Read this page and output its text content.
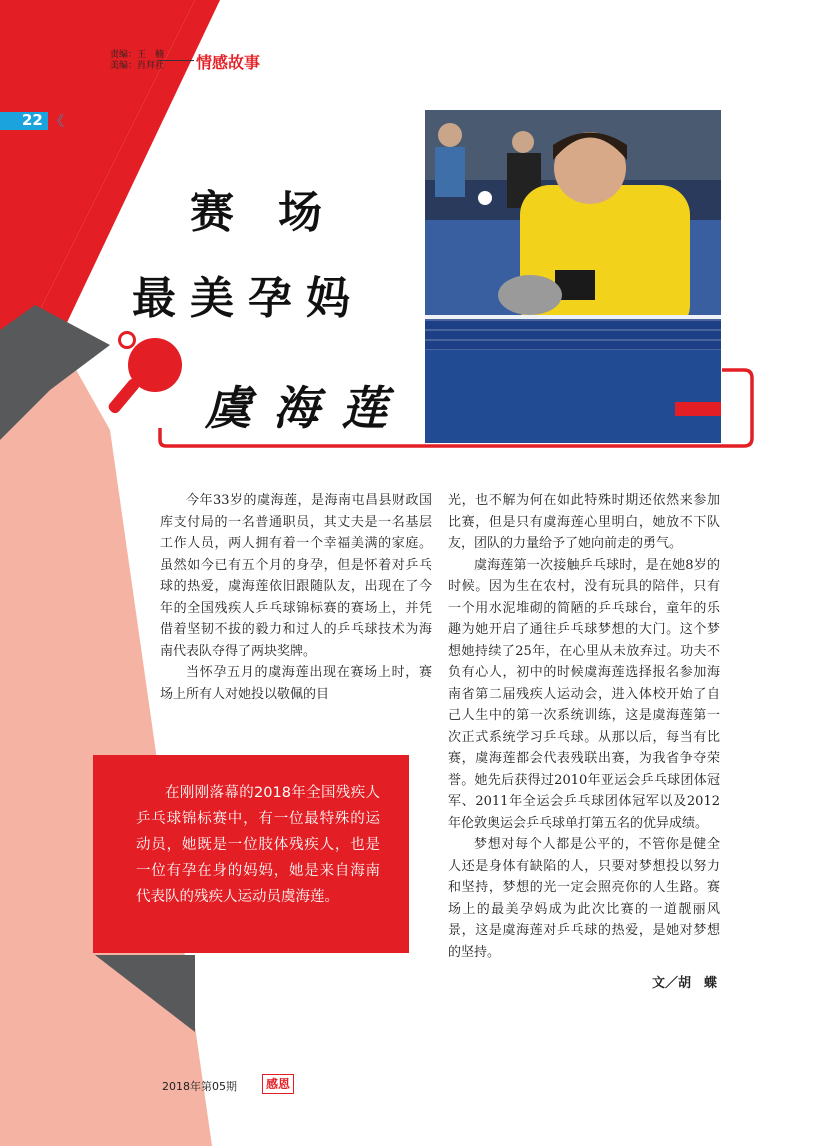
责编：王　楠
美编：肖拜社 情感故事
22 《
赛　场
最美孕妈
虞海莲

今年33岁的虞海莲，是海南屯昌县财政国库支付局的一名普通职员，其丈夫是一名基层工作人员，两人拥有着一个幸福美满的家庭。虽然如今已有五个月的身孕，但是怀着对乒乓球的热爱，虞海莲依旧跟随队友，出现在了今年的全国残疾人乒乓球锦标赛的赛场上，并凭借着坚韧不拔的毅力和过人的乒乓球技术为海南代表队夺得了两块奖牌。

当怀孕五月的虞海莲出现在赛场上时，赛场上所有人对她投以敬佩的目

光，也不解为何在如此特殊时期还依然来参加比赛，但是只有虞海莲心里明白，她放不下队友，团队的力量给予了她向前走的勇气。

虞海莲第一次接触乒乓球时，是在她8岁的时候。因为生在农村，没有玩具的陪伴，只有一个用水泥堆砌的简陋的乒乓球台，童年的乐趣为她开启了通往乒乓球梦想的大门。这个梦想她持续了25年，在心里从未放弃过。功夫不负有心人，初中的时候虞海莲选择报名参加海南省第二届残疾人运动会，进入体校开始了自己人生中的第一次系统训练，这是虞海莲第一次正式系统学习乒乓球。从那以后，每当有比赛，虞海莲都会代表残联出赛，为我省争夺荣誉。她先后获得过2010年亚运会乒乓球团体冠军、2011年全运会乒乓球团体冠军以及2012年伦敦奥运会乒乓球单打第五名的优异成绩。

梦想对每个人都是公平的，不管你是健全人还是身体有缺陷的人，只要对梦想投以努力和坚持，梦想的光一定会照亮你的人生路。赛场上的最美孕妈成为此次比赛的一道靓丽风景，这是虞海莲对乒乓球的热爱，是她对梦想的坚持。

在刚刚落幕的2018年全国残疾人乒乓球锦标赛中，有一位最特殊的运动员，她既是一位肢体残疾人，也是一位有孕在身的妈妈，她是来自海南代表队的残疾人运动员虞海莲。
文／胡　蝶
2018年第05期	感恩
